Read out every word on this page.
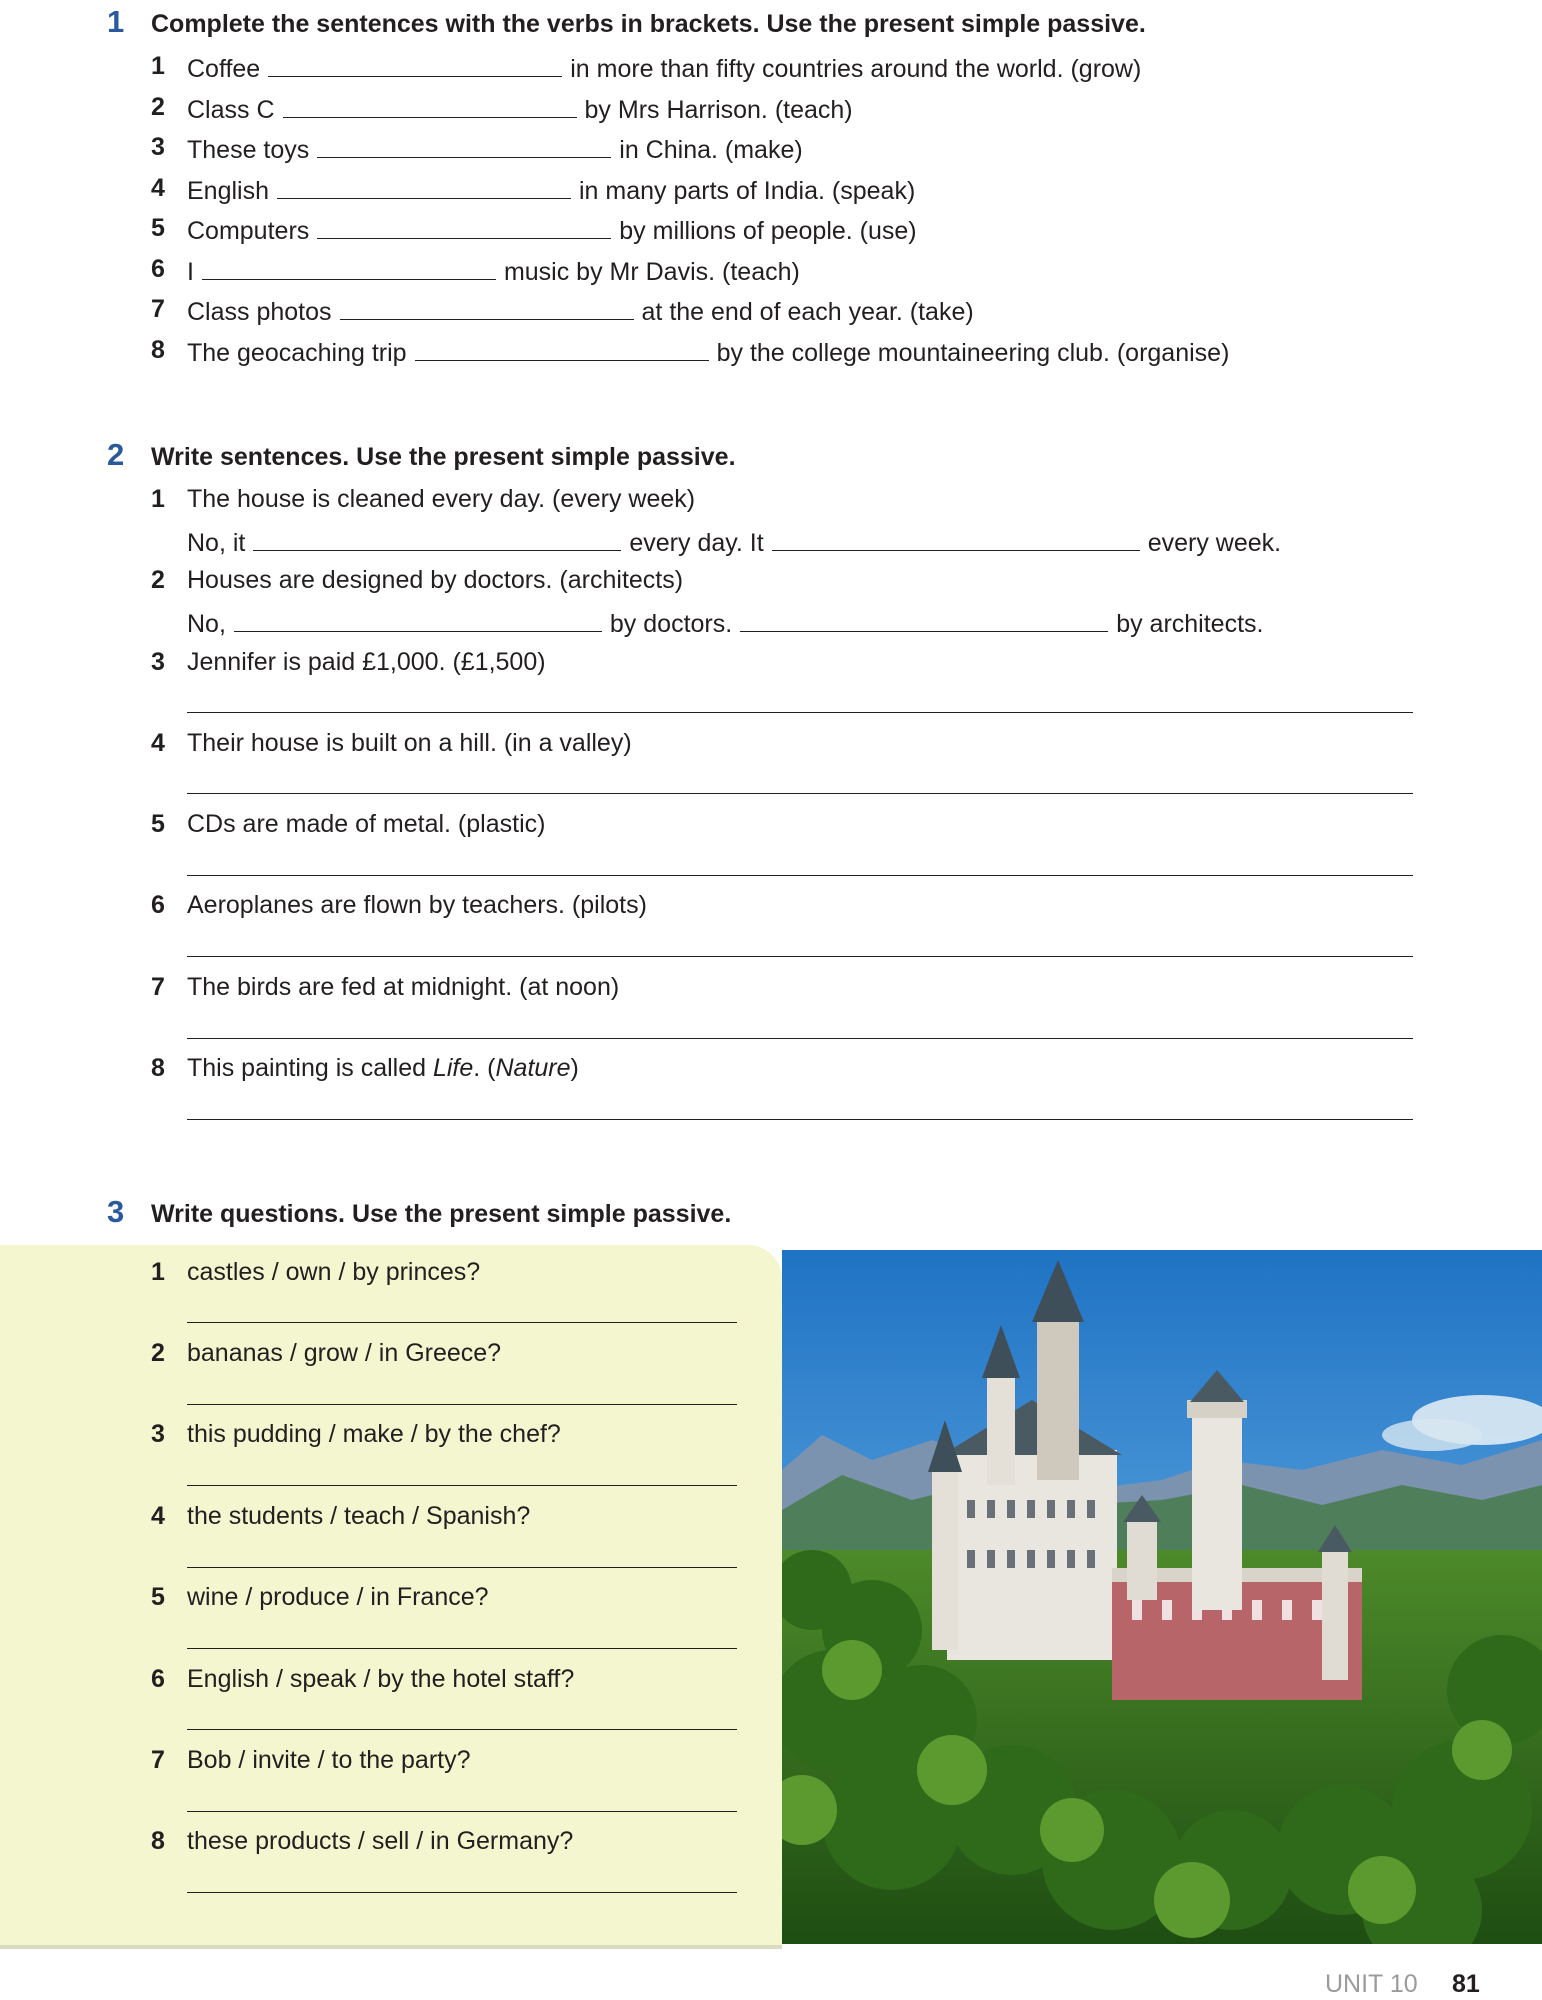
1 Complete the sentences with the verbs in brackets. Use the present simple passive.
1 Coffee	in more than fifty countries around the world. (grow)
2 Class C	by Mrs Harrison. (teach)
3 These toys	in China. (make)
4 English	in many parts of India. (speak)
5 Computers	by millions of people. (use)
6 I	music by Mr Davis. (teach)
7 Class photos	at the end of each year. (take)
8 The geocaching trip	by the college mountaineering club. (organise)
2 Write sentences. Use the present simple passive.
1 The house is cleaned every day. (every week)
No, it	every day. It	every week.
2 Houses are designed by doctors. (architects)
No,	by doctors.	by architects.
3 Jennifer is paid £1,000. (£1,500)
4 Their house is built on a hill. (in a valley)
5 CDs are made of metal. (plastic)
6 Aeroplanes are flown by teachers. (pilots)
7 The birds are fed at midnight. (at noon)
8 This painting is called Life. (Nature)
3 Write questions. Use the present simple passive.
1 castles / own / by princes?
2 bananas / grow / in Greece?
3 this pudding / make / by the chef?
4 the students / teach / Spanish?
5 wine / produce / in France?
6 English / speak / by the hotel staff?
7 Bob / invite / to the party?
8 these products / sell / in Germany?
UNIT 10 81
